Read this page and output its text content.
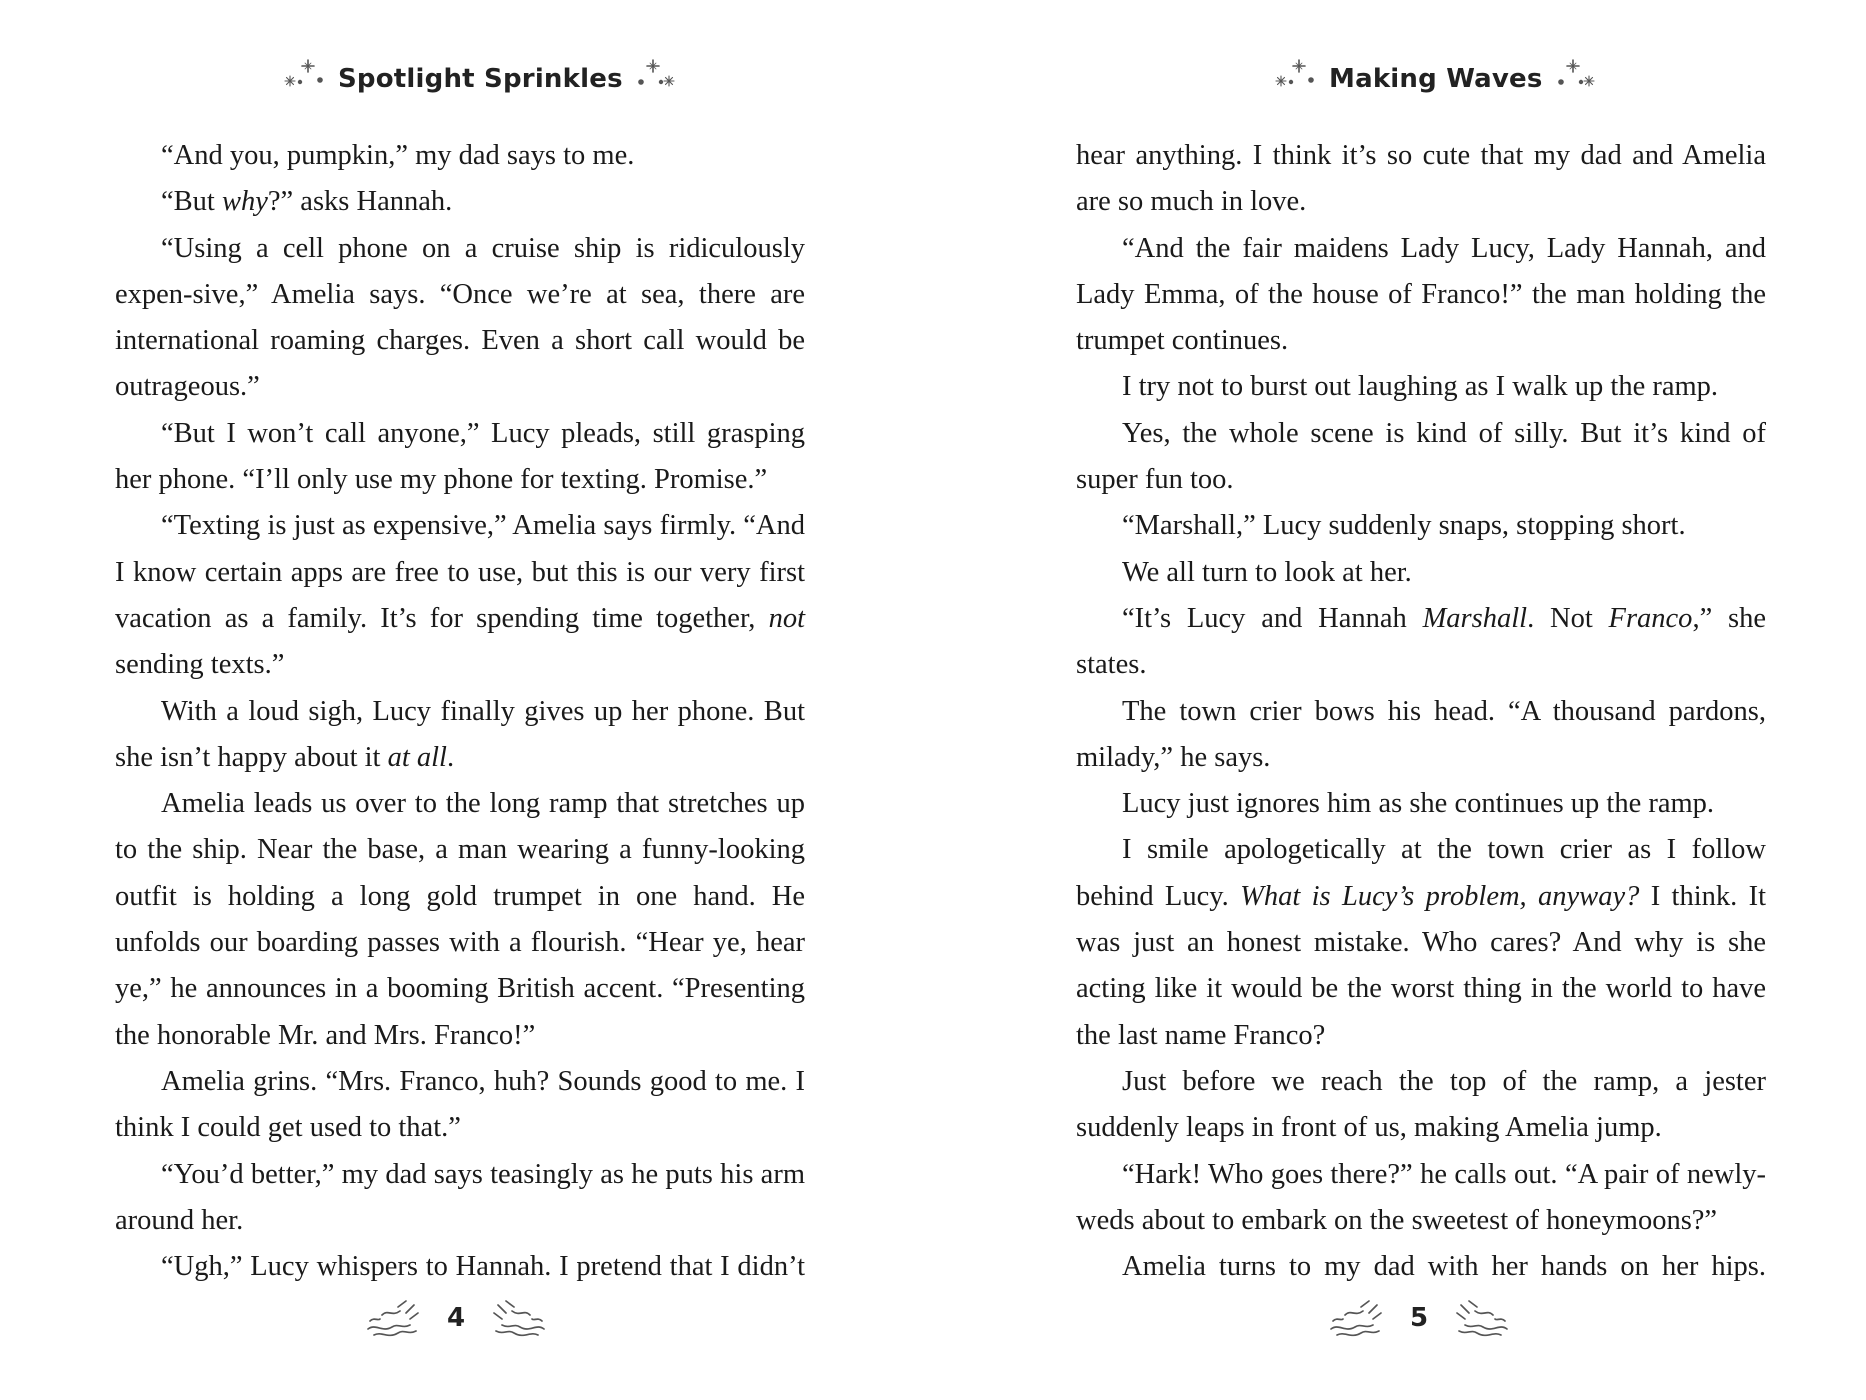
Spotlight Sprinkles

“And you, pumpkin,” my dad says to me.

“But why?” asks Hannah.

“Using a cell phone on a cruise ship is ridiculously expen-sive,” Amelia says. “Once we’re at sea, there are international roaming charges. Even a short call would be outrageous.”

“But I won’t call anyone,” Lucy pleads, still grasping her phone. “I’ll only use my phone for texting. Promise.”

“Texting is just as expensive,” Amelia says firmly. “And I know certain apps are free to use, but this is our very first vacation as a family. It’s for spending time together, not sending texts.”

With a loud sigh, Lucy finally gives up her phone. But she isn’t happy about it at all.

Amelia leads us over to the long ramp that stretches up to the ship. Near the base, a man wearing a funny-looking outfit is holding a long gold trumpet in one hand. He unfolds our boarding passes with a flourish. “Hear ye, hear ye,” he announces in a booming British accent. “Presenting the honorable Mr. and Mrs. Franco!”

Amelia grins. “Mrs. Franco, huh? Sounds good to me. I think I could get used to that.”

“You’d better,” my dad says teasingly as he puts his arm around her.

“Ugh,” Lucy whispers to Hannah. I pretend that I didn’t

4
Making Waves

hear anything. I think it’s so cute that my dad and Amelia are so much in love.

“And the fair maidens Lady Lucy, Lady Hannah, and Lady Emma, of the house of Franco!” the man holding the trumpet continues.

I try not to burst out laughing as I walk up the ramp.

Yes, the whole scene is kind of silly. But it’s kind of super fun too.

“Marshall,” Lucy suddenly snaps, stopping short.

We all turn to look at her.

“It’s Lucy and Hannah Marshall. Not Franco,” she states.

The town crier bows his head. “A thousand pardons, milady,” he says.

Lucy just ignores him as she continues up the ramp.

I smile apologetically at the town crier as I follow behind Lucy. What is Lucy’s problem, anyway? I think. It was just an honest mistake. Who cares? And why is she acting like it would be the worst thing in the world to have the last name Franco?

Just before we reach the top of the ramp, a jester suddenly leaps in front of us, making Amelia jump.

“Hark! Who goes there?” he calls out. “A pair of newly-weds about to embark on the sweetest of honeymoons?”

Amelia turns to my dad with her hands on her hips.

5
